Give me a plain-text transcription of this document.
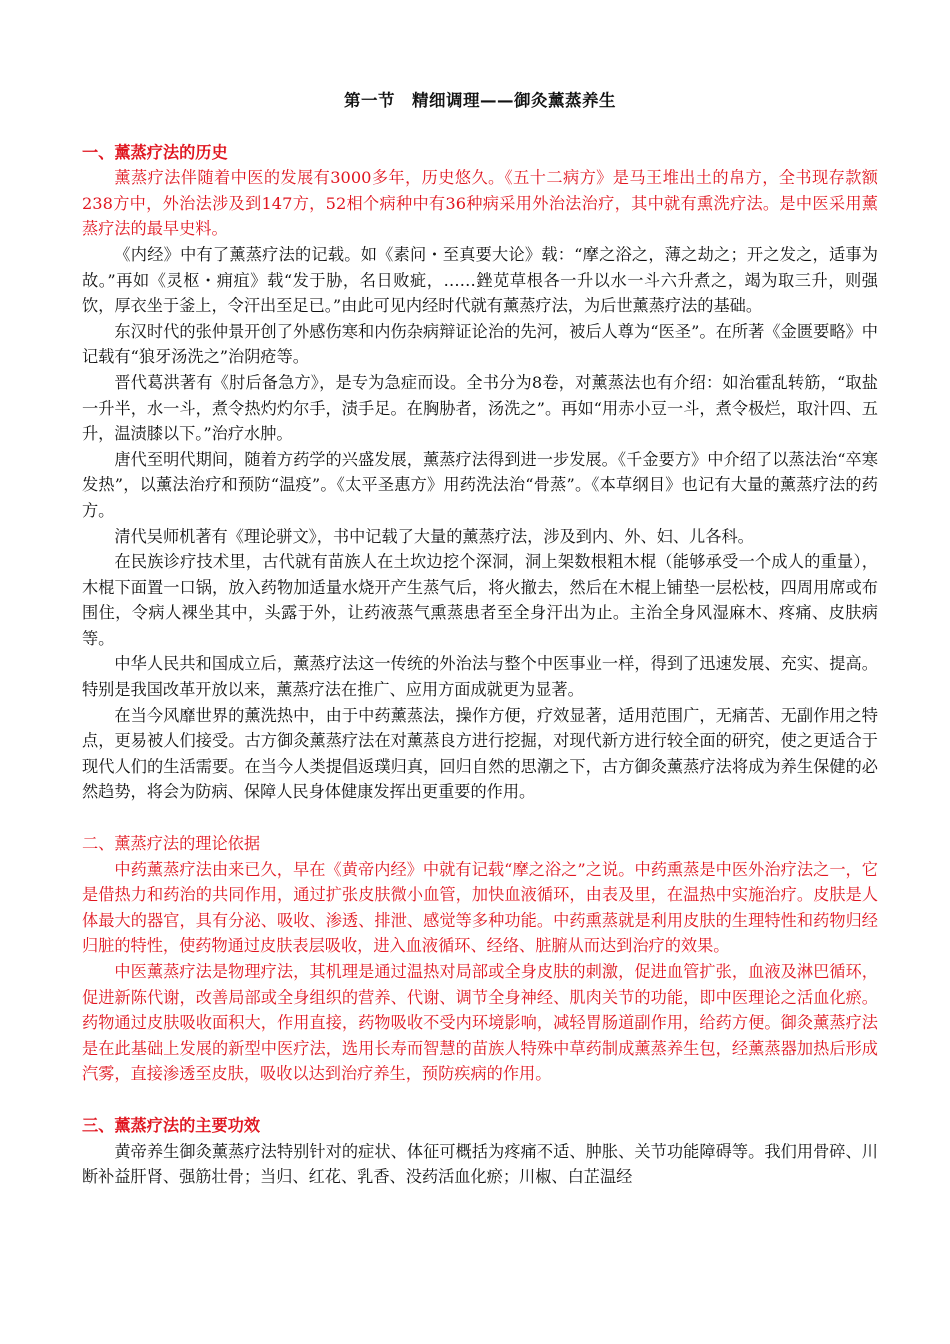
第一节　精细调理——御灸薰蒸养生
一、薰蒸疗法的历史

薰蒸疗法伴随着中医的发展有3000多年，历史悠久。《五十二病方》是马王堆出土的帛方，全书现存款额238方中，外治法涉及到147方，52相个病种中有36种病采用外治法治疗，其中就有熏洗疗法。是中医采用薰蒸疗法的最早史料。

《内经》中有了薰蒸疗法的记载。如《素问・至真要大论》载：“摩之浴之，薄之劫之；开之发之，适事为故。”再如《灵枢・痈疽》载“发于胁，名日败疵，……銼苋草根各一升以水一斗六升煮之，竭为取三升，则强饮，厚衣坐于釜上，令汗出至足已。”由此可见内经时代就有薰蒸疗法，为后世薰蒸疗法的基础。

东汉时代的张仲景开创了外感伤寒和内伤杂病辩证论治的先河，被后人尊为“医圣”。在所著《金匮要略》中记载有“狼牙汤洗之”治阴疮等。

晋代葛洪著有《肘后备急方》，是专为急症而设。全书分为8卷，对薰蒸法也有介绍：如治霍乱转筋，“取盐一升半，水一斗，煮令热灼灼尔手，渍手足。在胸胁者，汤洗之”。再如“用赤小豆一斗，煮令极烂，取汁四、五升，温渍膝以下。”治疗水肿。

唐代至明代期间，随着方药学的兴盛发展，薰蒸疗法得到进一步发展。《千金要方》中介绍了以蒸法治“卒寒发热”，以薰法治疗和预防“温疫”。《太平圣惠方》用药洗法治“骨蒸”。《本草纲目》也记有大量的薰蒸疗法的药方。

清代吴师机著有《理论骈文》，书中记载了大量的薰蒸疗法，涉及到内、外、妇、儿各科。

在民族诊疗技术里，古代就有苗族人在土坎边挖个深洞，洞上架数根粗木棍（能够承受一个成人的重量），木棍下面置一口锅，放入药物加适量水烧开产生蒸气后，将火撤去，然后在木棍上铺垫一层松枝，四周用席或布围住，令病人裸坐其中，头露于外，让药液蒸气熏蒸患者至全身汗出为止。主治全身风湿麻木、疼痛、皮肤病等。

中华人民共和国成立后，薰蒸疗法这一传统的外治法与整个中医事业一样，得到了迅速发展、充实、提高。特别是我国改革开放以来，薰蒸疗法在推广、应用方面成就更为显著。

在当今风靡世界的薰洗热中，由于中药薰蒸法，操作方便，疗效显著，适用范围广，无痛苦、无副作用之特点，更易被人们接受。古方御灸薰蒸疗法在对薰蒸良方进行挖掘，对现代新方进行较全面的研究，使之更适合于现代人们的生活需要。在当今人类提倡返璞归真，回归自然的思潮之下，古方御灸薰蒸疗法将成为养生保健的必然趋势，将会为防病、保障人民身体健康发挥出更重要的作用。

二、薰蒸疗法的理论依据

中药薰蒸疗法由来已久，早在《黄帝内经》中就有记载“摩之浴之”之说。中药熏蒸是中医外治疗法之一，它是借热力和药治的共同作用，通过扩张皮肤微小血管，加快血液循环，由表及里，在温热中实施治疗。皮肤是人体最大的器官，具有分泌、吸收、渗透、排泄、感觉等多种功能。中药熏蒸就是利用皮肤的生理特性和药物归经归脏的特性，使药物通过皮肤表层吸收，进入血液循环、经络、脏腑从而达到治疗的效果。

中医薰蒸疗法是物理疗法，其机理是通过温热对局部或全身皮肤的刺激，促进血管扩张，血液及淋巴循环，促进新陈代谢，改善局部或全身组织的营养、代谢、调节全身神经、肌肉关节的功能，即中医理论之活血化瘀。药物通过皮肤吸收面积大，作用直接，药物吸收不受内环境影响，减轻胃肠道副作用，给药方便。御灸薰蒸疗法是在此基础上发展的新型中医疗法，选用长寿而智慧的苗族人特殊中草药制成薰蒸养生包，经薰蒸器加热后形成汽雾，直接渗透至皮肤，吸收以达到治疗养生，预防疾病的作用。

三、薰蒸疗法的主要功效

黄帝养生御灸薰蒸疗法特别针对的症状、体征可概括为疼痛不适、肿胀、关节功能障碍等。我们用骨碎、川断补益肝肾、强筋壮骨；当归、红花、乳香、没药活血化瘀；川椒、白芷温经
